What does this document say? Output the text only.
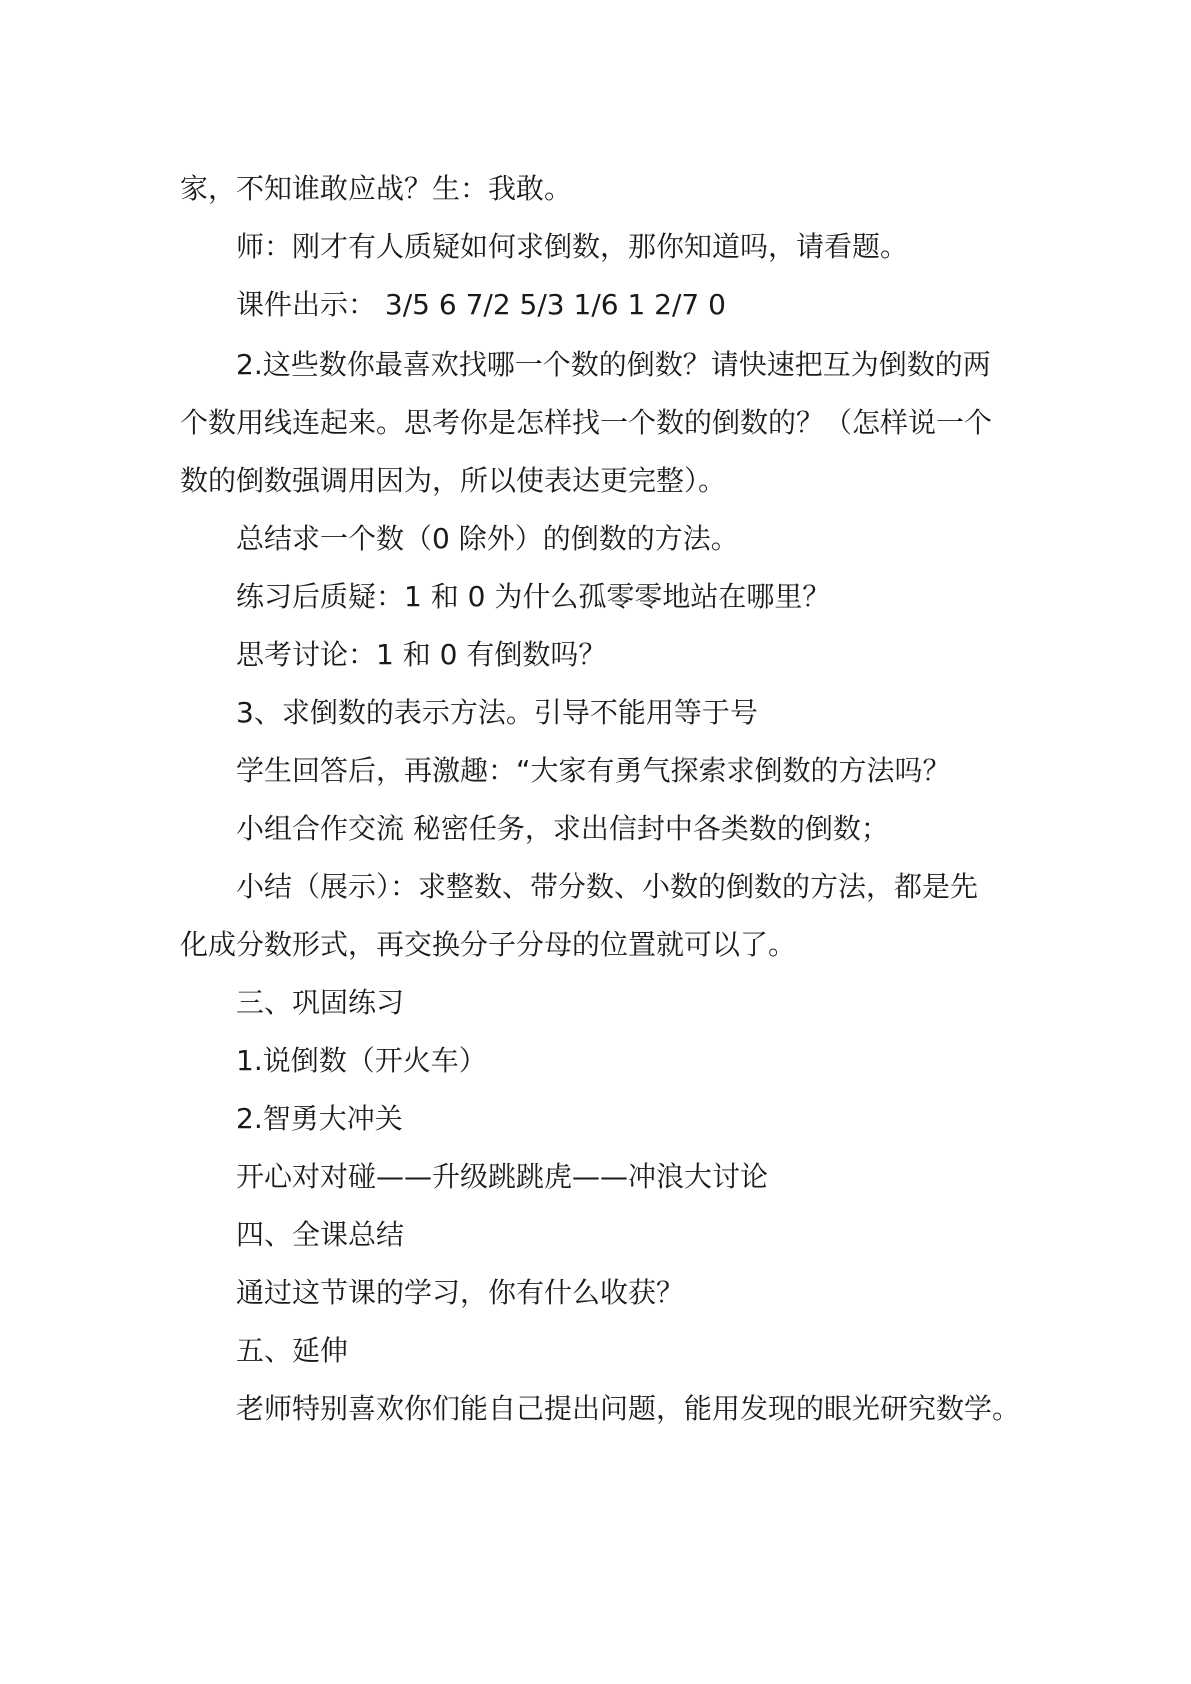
家，不知谁敢应战？生：我敢。
师：刚才有人质疑如何求倒数，那你知道吗，请看题。
课件出示： 3/5 6 7/2 5/3 1/6 1 2/7 0
2.这些数你最喜欢找哪一个数的倒数？请快速把互为倒数的两
个数用线连起来。思考你是怎样找一个数的倒数的？（怎样说一个
数的倒数强调用因为，所以使表达更完整）。
总结求一个数（0 除外）的倒数的方法。
练习后质疑：1 和 0 为什么孤零零地站在哪里？
思考讨论：1 和 0 有倒数吗？
3、求倒数的表示方法。引导不能用等于号
学生回答后，再激趣：“大家有勇气探索求倒数的方法吗？
小组合作交流 秘密任务，求出信封中各类数的倒数；
小结（展示）：求整数、带分数、小数的倒数的方法，都是先
化成分数形式，再交换分子分母的位置就可以了。
三、巩固练习
1.说倒数（开火车）
2.智勇大冲关
开心对对碰——升级跳跳虎——冲浪大讨论
四、全课总结
通过这节课的学习，你有什么收获？
五、延伸
老师特别喜欢你们能自己提出问题，能用发现的眼光研究数学。
